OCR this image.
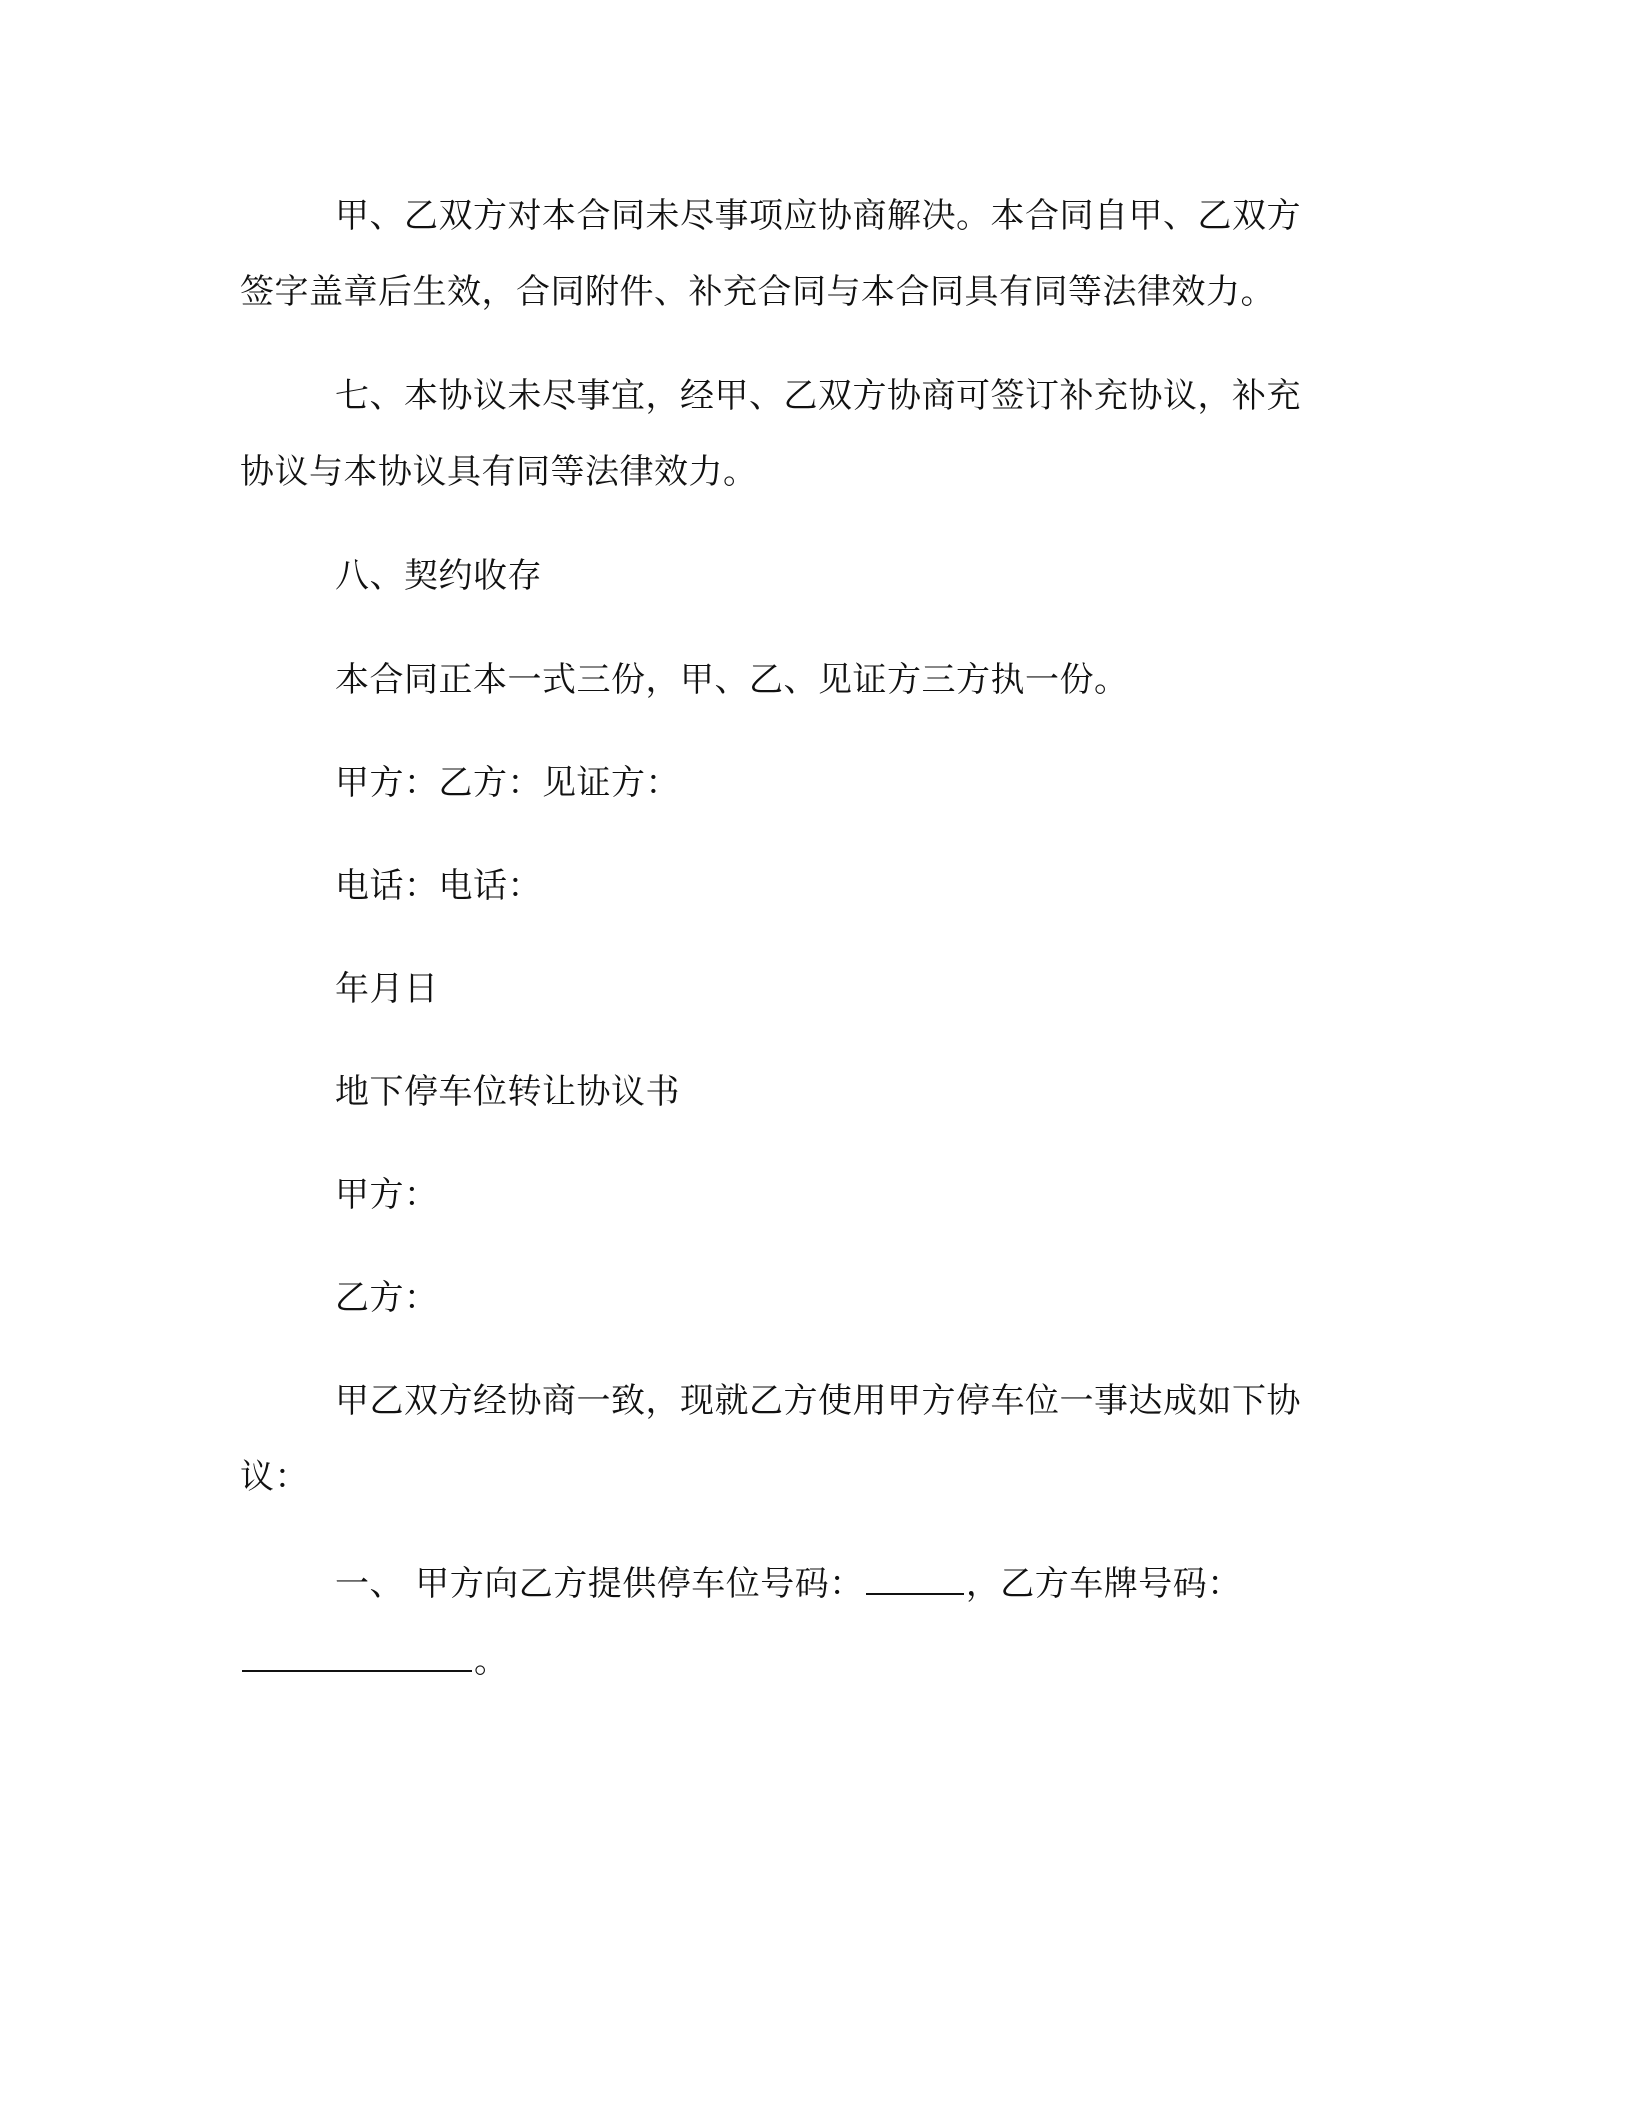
甲、乙双方对本合同未尽事项应协商解决。本合同自甲、乙双方
签字盖章后生效，合同附件、补充合同与本合同具有同等法律效力。
七、本协议未尽事宜，经甲、乙双方协商可签订补充协议，补充
协议与本协议具有同等法律效力。
八、契约收存
本合同正本一式三份，甲、乙、见证方三方执一份。
甲方：乙方：见证方：
电话：电话：
年月日
地下停车位转让协议书
甲方：
乙方：
甲乙双方经协商一致，现就乙方使用甲方停车位一事达成如下协
议：
一、 甲方向乙方提供停车位号码：	，乙方车牌号码：
。
